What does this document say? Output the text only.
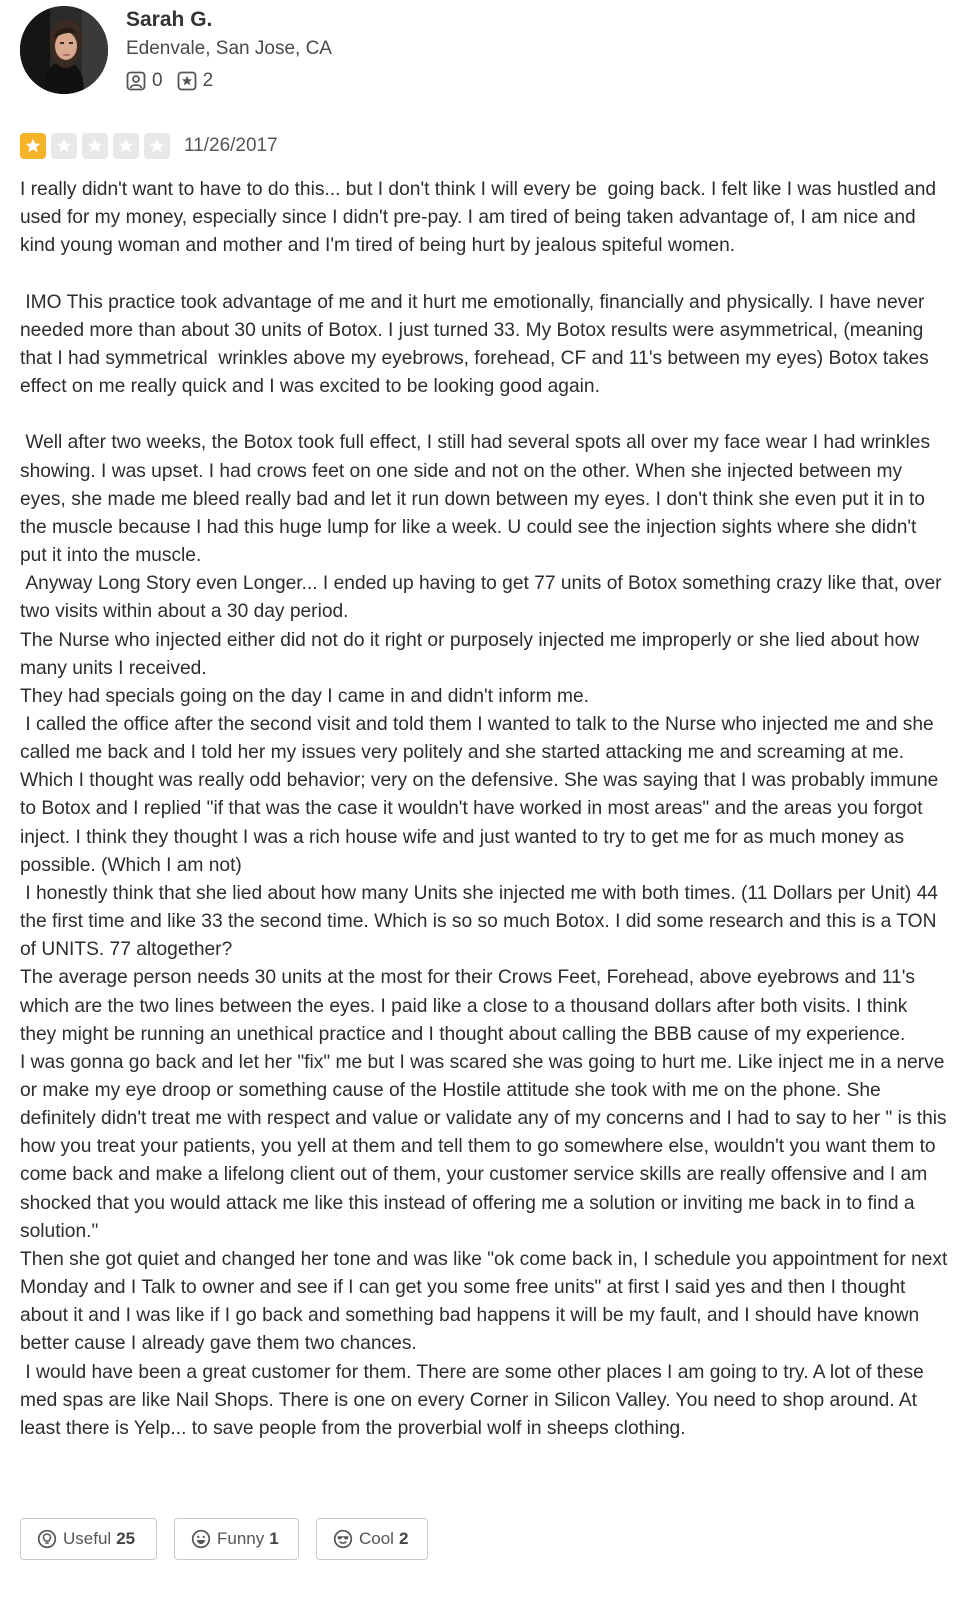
Sarah G.
Edenvale, San Jose, CA
0 2
11/26/2017

I really didn't want to have to do this... but I don't think I will every be  going back. I felt like I was hustled and used for my money, especially since I didn't pre-pay. I am tired of being taken advantage of, I am nice and kind young woman and mother and I'm tired of being hurt by jealous spiteful women.

IMO This practice took advantage of me and it hurt me emotionally, financially and physically. I have never needed more than about 30 units of Botox. I just turned 33. My Botox results were asymmetrical, (meaning that I had symmetrical  wrinkles above my eyebrows, forehead, CF and 11's between my eyes) Botox takes effect on me really quick and I was excited to be looking good again.

Well after two weeks, the Botox took full effect, I still had several spots all over my face wear I had wrinkles showing. I was upset. I had crows feet on one side and not on the other. When she injected between my eyes, she made me bleed really bad and let it run down between my eyes. I don't think she even put it in to the muscle because I had this huge lump for like a week. U could see the injection sights where she didn't put it into the muscle.
Anyway Long Story even Longer... I ended up having to get 77 units of Botox something crazy like that, over two visits within about a 30 day period.
The Nurse who injected either did not do it right or purposely injected me improperly or she lied about how many units I received.
They had specials going on the day I came in and didn't inform me.
I called the office after the second visit and told them I wanted to talk to the Nurse who injected me and she called me back and I told her my issues very politely and she started attacking me and screaming at me. Which I thought was really odd behavior; very on the defensive. She was saying that I was probably immune to Botox and I replied "if that was the case it wouldn't have worked in most areas" and the areas you forgot inject. I think they thought I was a rich house wife and just wanted to try to get me for as much money as possible. (Which I am not)
I honestly think that she lied about how many Units she injected me with both times. (11 Dollars per Unit) 44 the first time and like 33 the second time. Which is so so much Botox. I did some research and this is a TON of UNITS. 77 altogether?
The average person needs 30 units at the most for their Crows Feet, Forehead, above eyebrows and 11's which are the two lines between the eyes. I paid like a close to a thousand dollars after both visits. I think they might be running an unethical practice and I thought about calling the BBB cause of my experience.
I was gonna go back and let her "fix" me but I was scared she was going to hurt me. Like inject me in a nerve or make my eye droop or something cause of the Hostile attitude she took with me on the phone. She definitely didn't treat me with respect and value or validate any of my concerns and I had to say to her " is this how you treat your patients, you yell at them and tell them to go somewhere else, wouldn't you want them to come back and make a lifelong client out of them, your customer service skills are really offensive and I am shocked that you would attack me like this instead of offering me a solution or inviting me back in to find a solution."
Then she got quiet and changed her tone and was like "ok come back in, I schedule you appointment for next Monday and I Talk to owner and see if I can get you some free units" at first I said yes and then I thought about it and I was like if I go back and something bad happens it will be my fault, and I should have known better cause I already gave them two chances.
I would have been a great customer for them. There are some other places I am going to try. A lot of these med spas are like Nail Shops. There is one on every Corner in Silicon Valley. You need to shop around. At least there is Yelp... to save people from the proverbial wolf in sheeps clothing.

Useful 25	Funny 1	Cool 2
